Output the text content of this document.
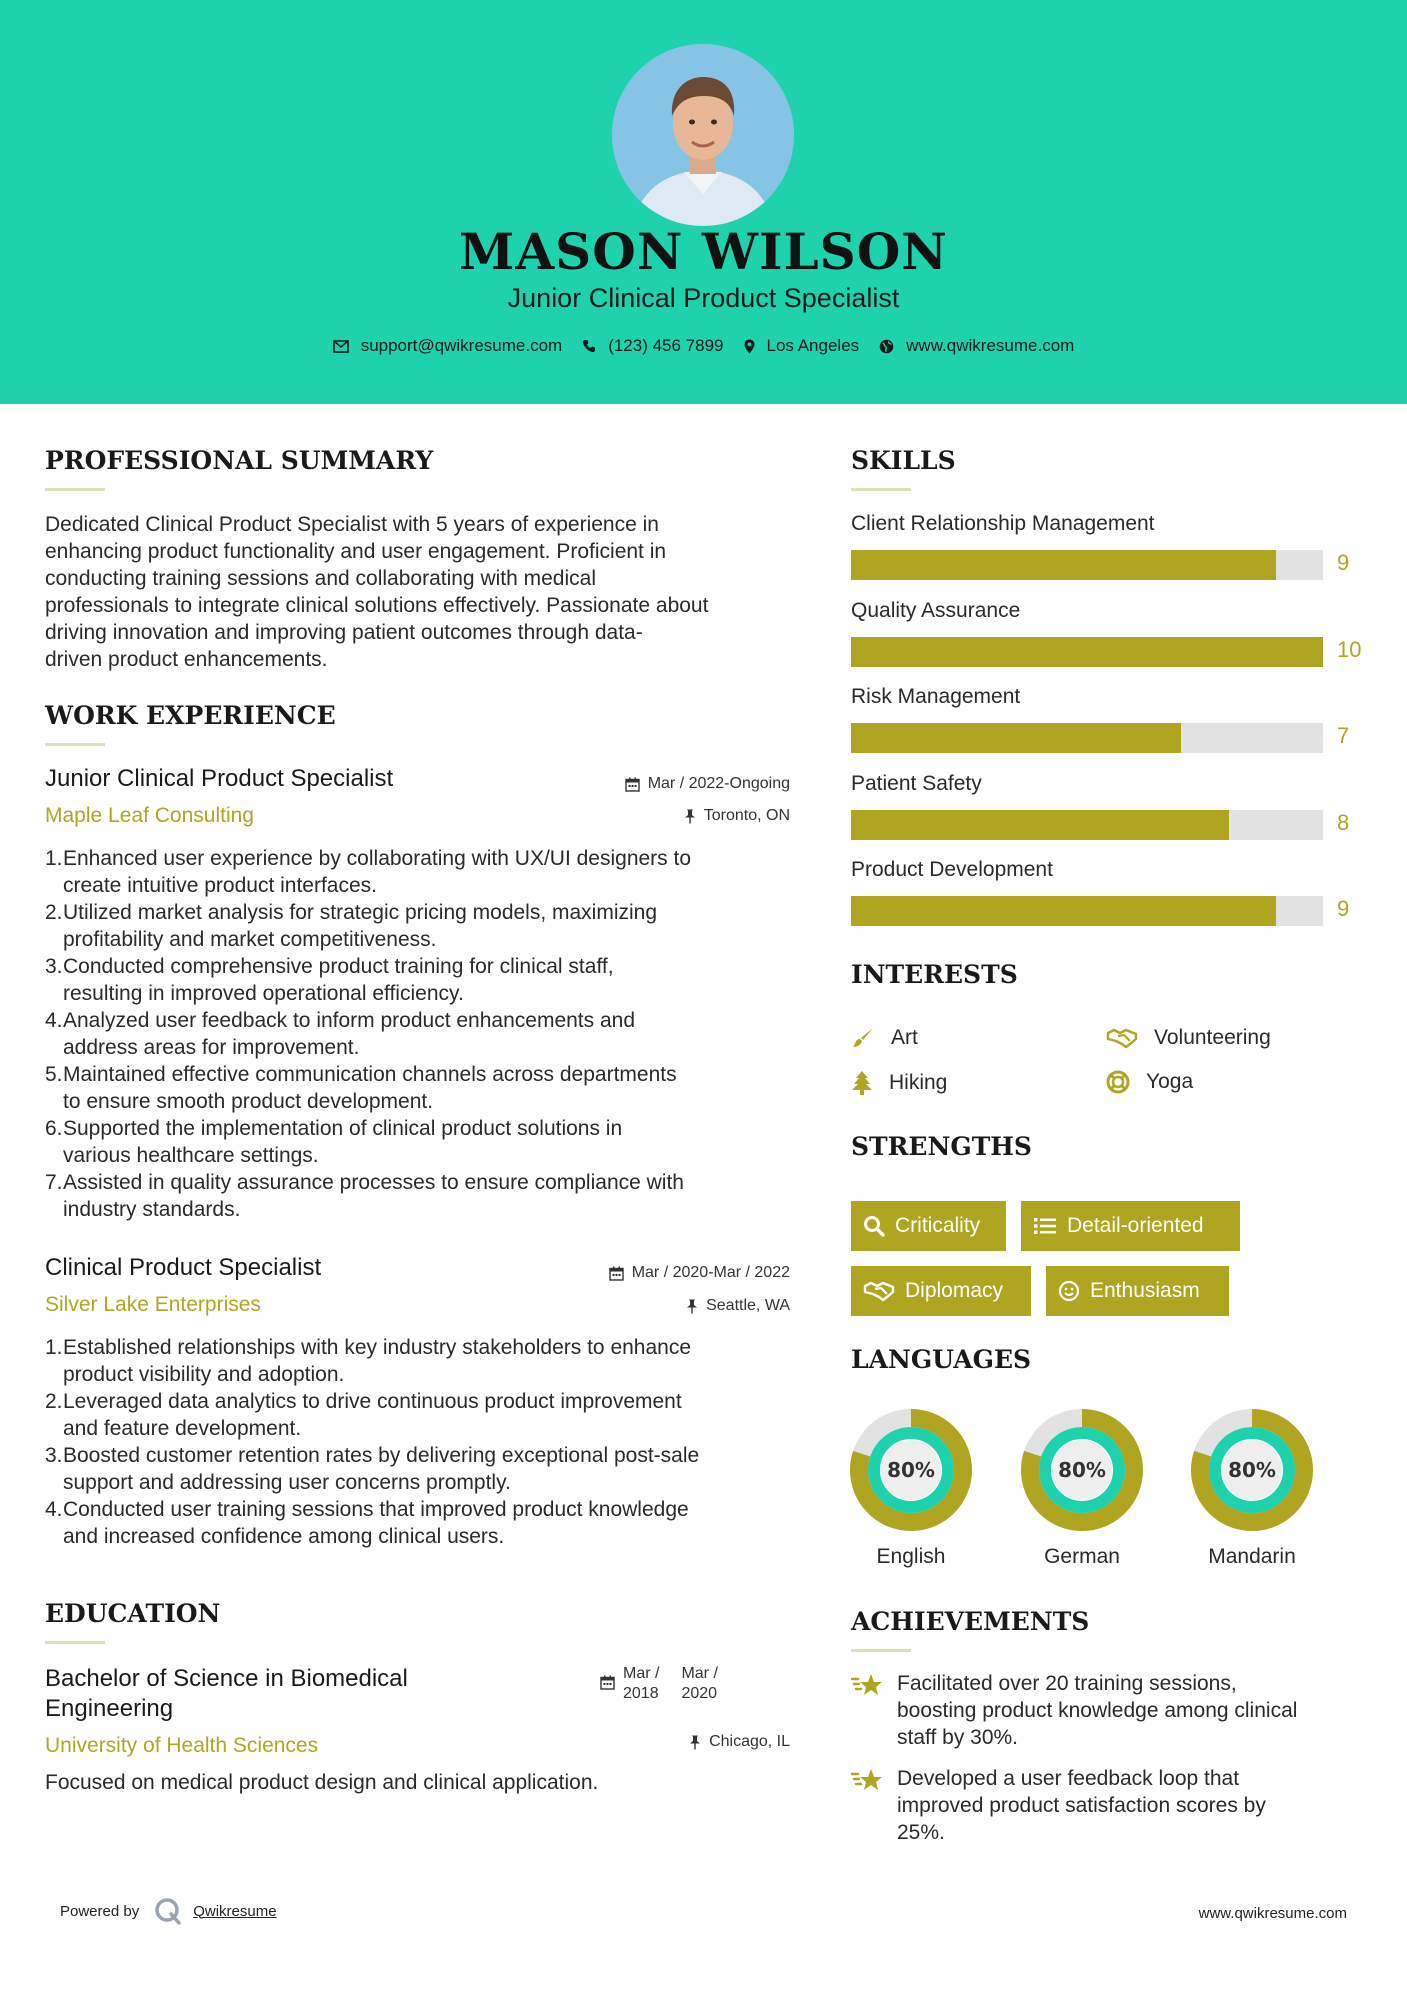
MASON WILSON
Junior Clinical Product Specialist
support@qwikresume.com	(123) 456 7899	Los Angeles	www.qwikresume.com
PROFESSIONAL SUMMARY
Dedicated Clinical Product Specialist with 5 years of experience in
enhancing product functionality and user engagement. Proficient in
conducting training sessions and collaborating with medical
professionals to integrate clinical solutions effectively. Passionate about
driving innovation and improving patient outcomes through data-
driven product enhancements.
WORK EXPERIENCE
Junior Clinical Product Specialist
Maple Leaf Consulting
Mar / 2022-Ongoing
Toronto, ON
1. Enhanced user experience by collaborating with UX/UI designers to
create intuitive product interfaces.
2. Utilized market analysis for strategic pricing models, maximizing
profitability and market competitiveness.
3. Conducted comprehensive product training for clinical staff,
resulting in improved operational efficiency.
4. Analyzed user feedback to inform product enhancements and
address areas for improvement.
5. Maintained effective communication channels across departments
to ensure smooth product development.
6. Supported the implementation of clinical product solutions in
various healthcare settings.
7. Assisted in quality assurance processes to ensure compliance with
industry standards.
Clinical Product Specialist
Silver Lake Enterprises
Mar / 2020-Mar / 2022
Seattle, WA
1. Established relationships with key industry stakeholders to enhance
product visibility and adoption.
2. Leveraged data analytics to drive continuous product improvement
and feature development.
3. Boosted customer retention rates by delivering exceptional post-sale
support and addressing user concerns promptly.
4. Conducted user training sessions that improved product knowledge
and increased confidence among clinical users.
EDUCATION
Bachelor of Science in Biomedical
Engineering
Mar /
2018
Mar /
2020
University of Health Sciences	Chicago, IL
Focused on medical product design and clinical application.
SKILLS
Client Relationship Management
9
Quality Assurance
10
Risk Management
7
Patient Safety
8
Product Development
9
INTERESTS
Art	Volunteering
Hiking	Yoga
STRENGTHS
Criticality	Detail-oriented
Diplomacy	Enthusiasm
LANGUAGES
80%
English
80%
German
80%
Mandarin
ACHIEVEMENTS
Facilitated over 20 training sessions,
boosting product knowledge among clinical
staff by 30%.
Developed a user feedback loop that
improved product satisfaction scores by
25%.
Powered by	Qwikresume	www.qwikresume.com
